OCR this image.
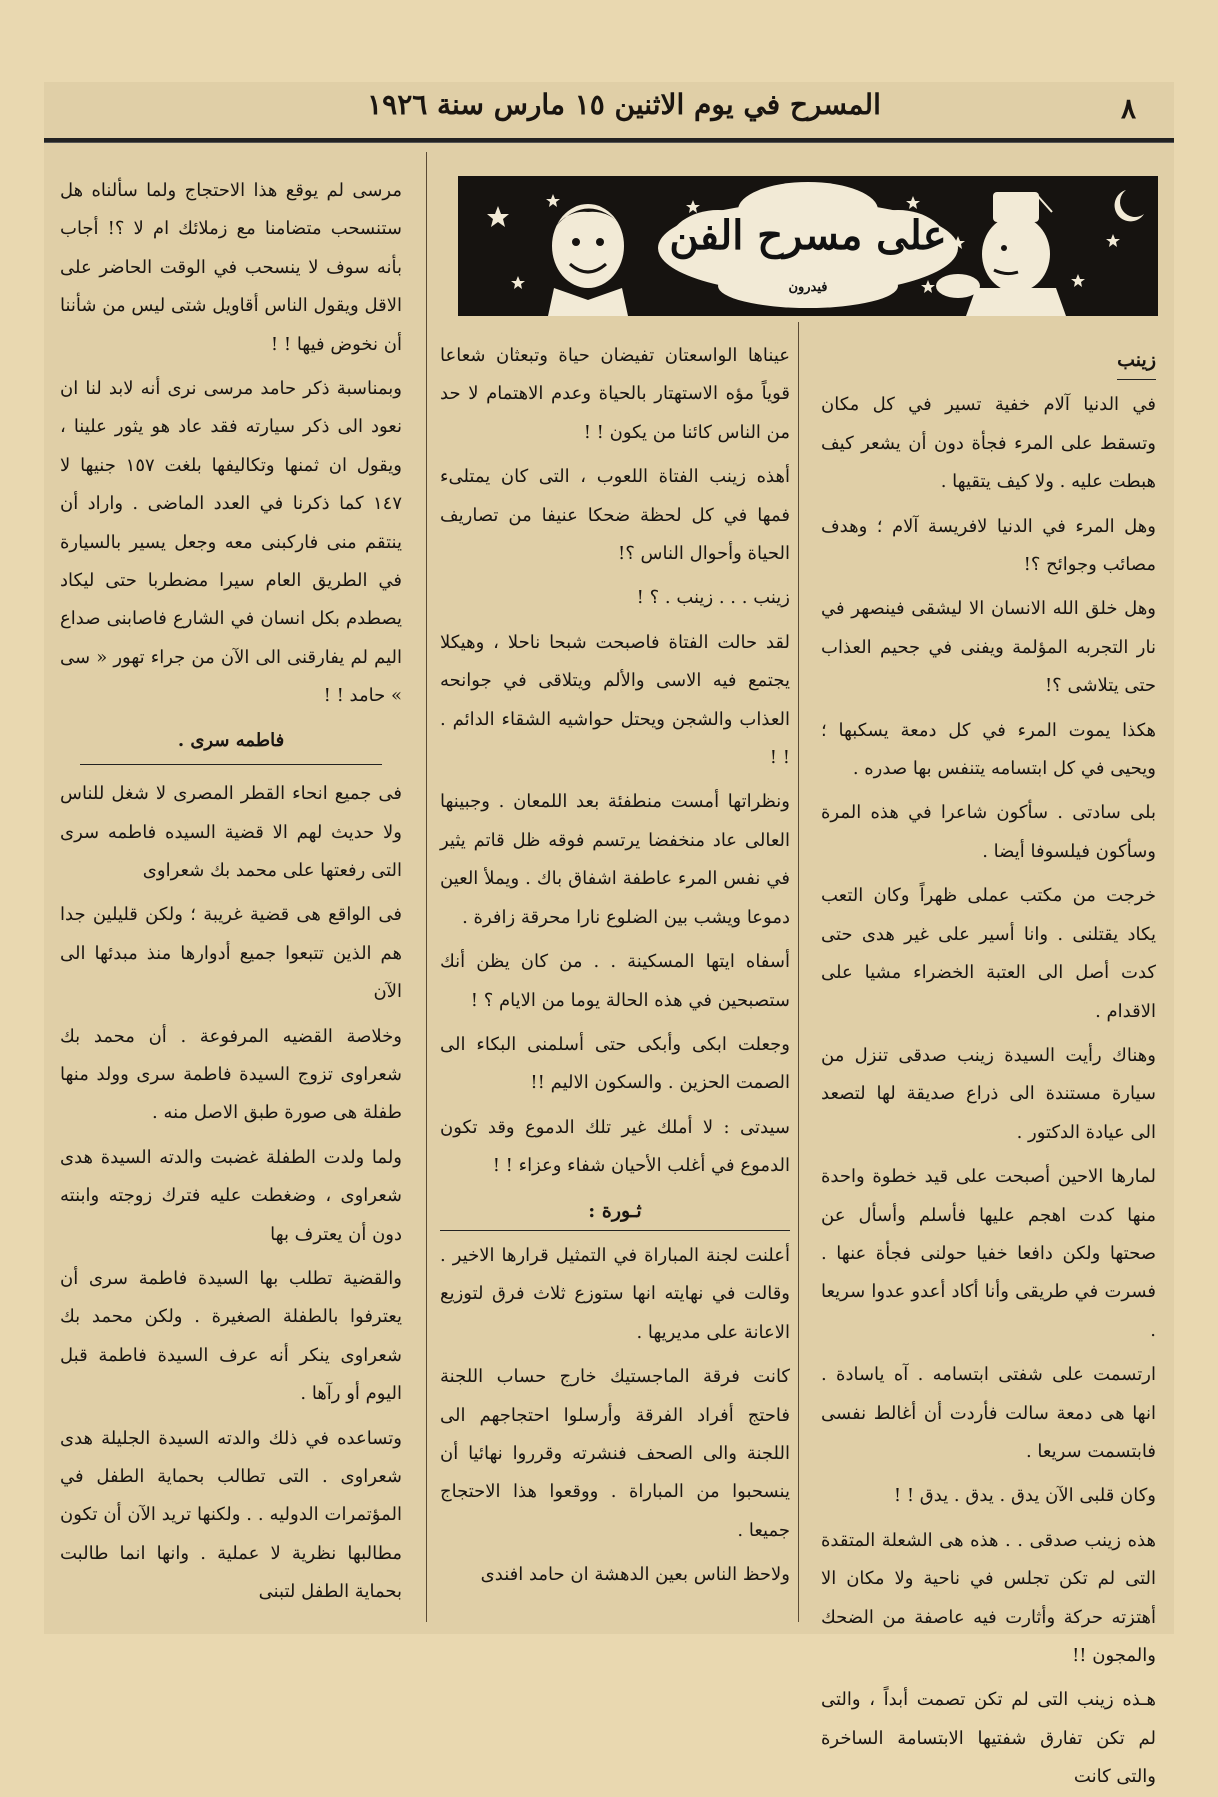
٨
المسرح في يوم الاثنين ١٥ مارس سنة ١٩٢٦
على مسرح الفن
فيدرون
زينب

في الدنيا آلام خفية تسير في كل مكان وتسقط على المرء فجأة دون أن يشعر كيف هبطت عليه . ولا كيف يتقيها .

وهل المرء في الدنيا لافريسة آلام ؛ وهدف مصائب وجوائح ؟!

وهل خلق الله الانسان الا ليشقى فينصهر في نار التجربه المؤلمة ويفنى في جحيم العذاب حتى يتلاشى ؟!

هكذا يموت المرء في كل دمعة يسكبها ؛ ويحيى في كل ابتسامه يتنفس بها صدره .

بلى سادتى . سأكون شاعرا في هذه المرة وسأكون فيلسوفا أيضا .

خرجت من مكتب عملى ظهراً وكان التعب يكاد يقتلنى . وانا أسير على غير هدى حتى كدت أصل الى العتبة الخضراء مشيا على الاقدام .

وهناك رأيت السيدة زينب صدقى تنزل من سيارة مستندة الى ذراع صديقة لها لتصعد الى عيادة الدكتور .

لمارها الاحين أصبحت على قيد خطوة واحدة منها كدت اهجم عليها فأسلم وأسأل عن صحتها ولكن دافعا خفيا حولنى فجأة عنها . فسرت في طريقى وأنا أكاد أعدو عدوا سريعا .

ارتسمت على شفتى ابتسامه . آه ياسادة . انها هى دمعة سالت فأردت أن أغالط نفسى فابتسمت سريعا .

وكان قلبى الآن يدق . يدق . يدق ! !

هذه زينب صدقى . . هذه هى الشعلة المتقدة التى لم تكن تجلس في ناحية ولا مكان الا أهتزته حركة وأثارت فيه عاصفة من الضحك والمجون !!

هـذه زينب التى لم تكن تصمت أبداً ، والتى لم تكن تفارق شفتيها الابتسامة الساخرة والتى كانت

عيناها الواسعتان تفيضان حياة وتبعثان شعاعا قوياً مؤه الاستهتار بالحياة وعدم الاهتمام لا حد من الناس كائنا من يكون ! !

أهذه زينب الفتاة اللعوب ، التى كان يمتلىء فمها في كل لحظة ضحكا عنيفا من تصاريف الحياة وأحوال الناس ؟!

زينب . . . زينب . ؟ !

لقد حالت الفتاة فاصبحت شبحا ناحلا ، وهيكلا يجتمع فيه الاسى والألم ويتلاقى في جوانحه العذاب والشجن ويحتل حواشيه الشقاء الدائم . ! !

ونظراتها أمست منطفئة بعد اللمعان . وجبينها العالى عاد منخفضا يرتسم فوقه ظل قاتم يثير في نفس المرء عاطفة اشفاق باك . ويملأ العين دموعا ويشب بين الضلوع نارا محرقة زافرة .

أسفاه ايتها المسكينة . . من كان يظن أنك ستصبحين في هذه الحالة يوما من الايام ؟ !

وجعلت ابكى وأبكى حتى أسلمنى البكاء الى الصمت الحزين . والسكون الاليم !!

سيدتى : لا أملك غير تلك الدموع وقد تكون الدموع في أغلب الأحيان شفاء وعزاء ! !

ثـورة :

أعلنت لجنة المباراة في التمثيل قرارها الاخير . وقالت في نهايته انها ستوزع ثلاث فرق لتوزيع الاعانة على مديريها .

كانت فرقة الماجستيك خارج حساب اللجنة فاحتج أفراد الفرقة وأرسلوا احتجاجهم الى اللجنة والى الصحف فنشرته وقرروا نهائيا أن ينسحبوا من المباراة . ووقعوا هذا الاحتجاج جميعا .

ولاحظ الناس بعين الدهشة ان حامد افندى

مرسى لم يوقع هذا الاحتجاج ولما سألناه هل ستنسحب متضامنا مع زملائك ام لا ؟! أجاب بأنه سوف لا ينسحب في الوقت الحاضر على الاقل ويقول الناس أقاويل شتى ليس من شأننا أن نخوض فيها ! !

وبمناسبة ذكر حامد مرسى نرى أنه لابد لنا ان نعود الى ذكر سيارته فقد عاد هو يثور علينا ، ويقول ان ثمنها وتكاليفها بلغت ١٥٧ جنيها لا ١٤٧ كما ذكرنا في العدد الماضى . واراد أن ينتقم منى فاركبنى معه وجعل يسير بالسيارة في الطريق العام سيرا مضطربا حتى ليكاد يصطدم بكل انسان في الشارع فاصابنى صداع اليم لم يفارقنى الى الآن من جراء تهور « سى » حامد ! !

فاطمه سرى .

فى جميع انحاء القطر المصرى لا شغل للناس ولا حديث لهم الا قضية السيده فاطمه سرى التى رفعتها على محمد بك شعراوى

فى الواقع هى قضية غريبة ؛ ولكن قليلين جدا هم الذين تتبعوا جميع أدوارها منذ مبدئها الى الآن

وخلاصة القضيه المرفوعة . أن محمد بك شعراوى تزوج السيدة فاطمة سرى وولد منها طفلة هى صورة طبق الاصل منه .

ولما ولدت الطفلة غضبت والدته السيدة هدى شعراوى ، وضغطت عليه فترك زوجته وابنته دون أن يعترف بها

والقضية تطلب بها السيدة فاطمة سرى أن يعترفوا بالطفلة الصغيرة . ولكن محمد بك شعراوى ينكر أنه عرف السيدة فاطمة قبل اليوم أو رآها .

وتساعده في ذلك والدته السيدة الجليلة هدى شعراوى . التى تطالب بحماية الطفل في المؤتمرات الدوليه . . ولكنها تريد الآن أن تكون مطالبها نظرية لا عملية . وانها انما طالبت بحماية الطفل لتبنى
